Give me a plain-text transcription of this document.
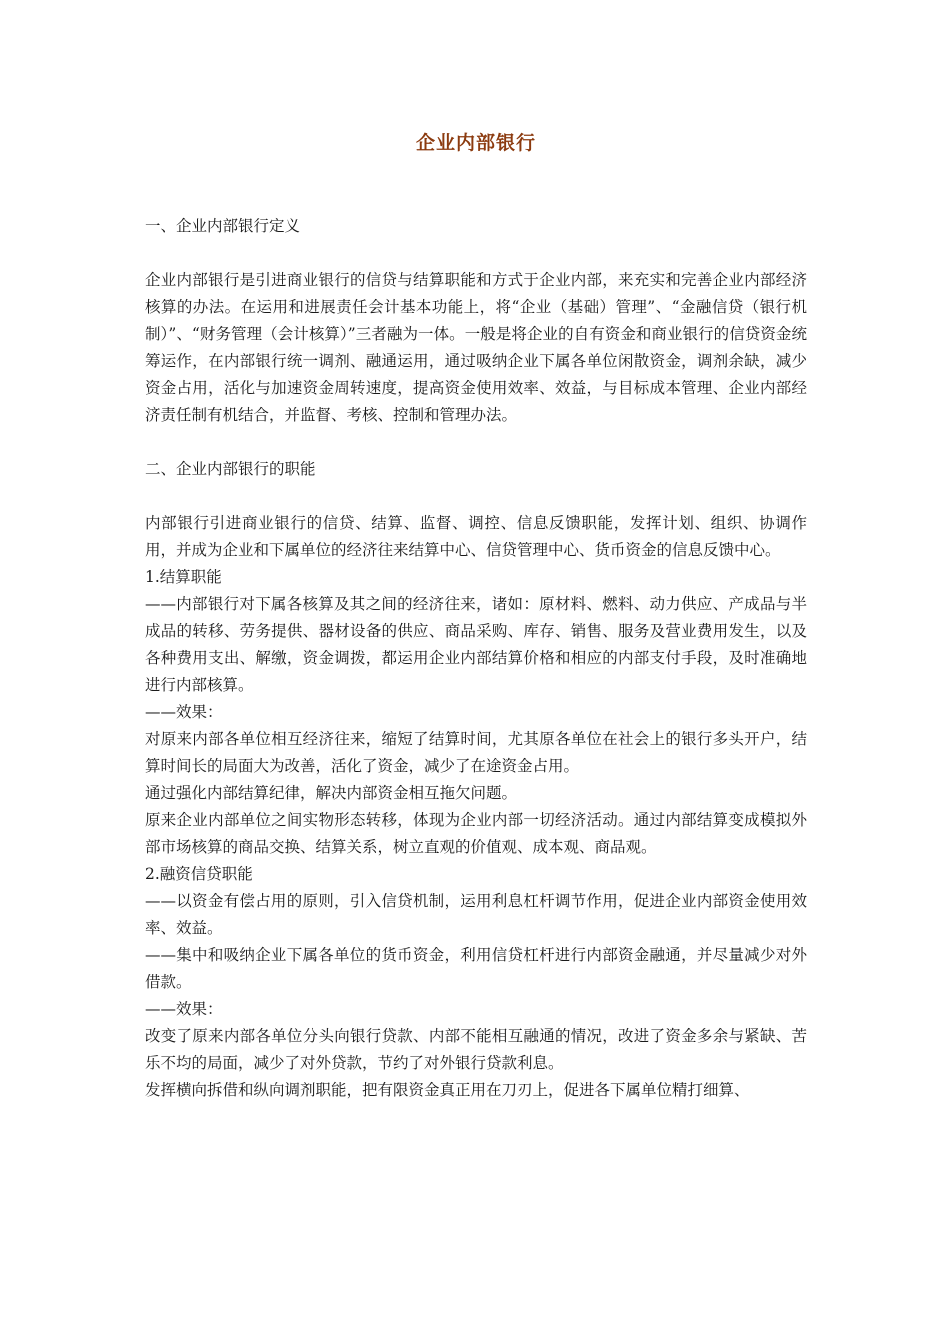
企业内部银行

一、企业内部银行定义

企业内部银行是引进商业银行的信贷与结算职能和方式于企业内部，来充实和完善企业内部经济核算的办法。在运用和进展责任会计基本功能上，将“企业（基础）管理”、“金融信贷（银行机制）”、“财务管理（会计核算）”三者融为一体。一般是将企业的自有资金和商业银行的信贷资金统筹运作，在内部银行统一调剂、融通运用，通过吸纳企业下属各单位闲散资金，调剂余缺，减少资金占用，活化与加速资金周转速度，提高资金使用效率、效益，与目标成本管理、企业内部经济责任制有机结合，并监督、考核、控制和管理办法。

二、企业内部银行的职能

内部银行引进商业银行的信贷、结算、监督、调控、信息反馈职能，发挥计划、组织、协调作用，并成为企业和下属单位的经济往来结算中心、信贷管理中心、货币资金的信息反馈中心。

1.结算职能

——内部银行对下属各核算及其之间的经济往来，诸如：原材料、燃料、动力供应、产成品与半成品的转移、劳务提供、器材设备的供应、商品采购、库存、销售、服务及营业费用发生，以及各种费用支出、解缴，资金调拨，都运用企业内部结算价格和相应的内部支付手段，及时准确地进行内部核算。

——效果：

对原来内部各单位相互经济往来，缩短了结算时间，尤其原各单位在社会上的银行多头开户，结算时间长的局面大为改善，活化了资金，减少了在途资金占用。

通过强化内部结算纪律，解决内部资金相互拖欠问题。

原来企业内部单位之间实物形态转移，体现为企业内部一切经济活动。通过内部结算变成模拟外部市场核算的商品交换、结算关系，树立直观的价值观、成本观、商品观。

2.融资信贷职能

——以资金有偿占用的原则，引入信贷机制，运用利息杠杆调节作用，促进企业内部资金使用效率、效益。

——集中和吸纳企业下属各单位的货币资金，利用信贷杠杆进行内部资金融通，并尽量减少对外借款。

——效果：

改变了原来内部各单位分头向银行贷款、内部不能相互融通的情况，改进了资金多余与紧缺、苦乐不均的局面，减少了对外贷款，节约了对外银行贷款利息。

发挥横向拆借和纵向调剂职能，把有限资金真正用在刀刃上，促进各下属单位精打细算、
